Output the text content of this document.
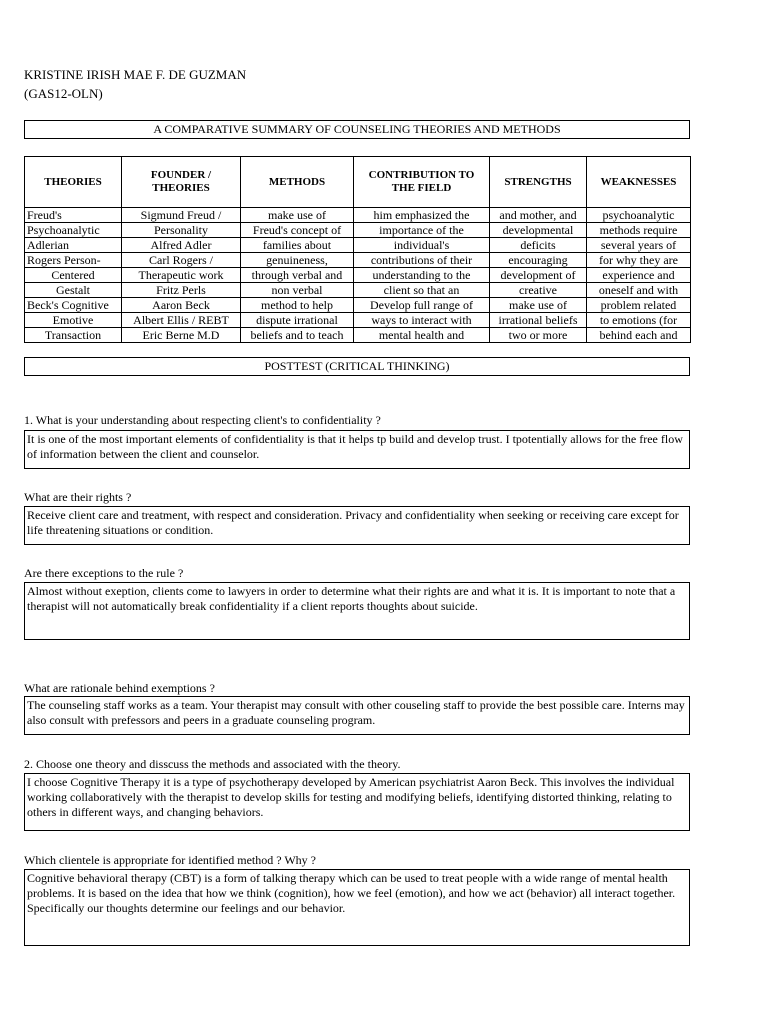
KRISTINE IRISH MAE F. DE GUZMAN
(GAS12-OLN)
A COMPARATIVE SUMMARY OF COUNSELING THEORIES AND METHODS
THEORIES	FOUNDER / THEORIES	METHODS	CONTRIBUTION TO THE FIELD	STRENGTHS	WEAKNESSES
Freud's	Sigmund Freud /	make use of	him emphasized the	and mother, and	psychoanalytic
Psychoanalytic	Personality	Freud's concept of	importance of the	developmental	methods require
Adlerian	Alfred Adler	families about	individual's	deficits	several years of
Rogers Person-	Carl Rogers /	genuineness,	contributions of their	encouraging	for why they are
Centered	Therapeutic work	through verbal and	understanding to the	development of	experience and
Gestalt	Fritz Perls	non verbal	client so that an	creative	oneself and with
Beck's Cognitive	Aaron Beck	method to help	Develop full range of	make use of	problem related
Emotive	Albert Ellis / REBT	dispute irrational	ways to interact with	irrational beliefs	to emotions (for
Transaction	Eric Berne M.D	beliefs and to teach	mental health and	two or more	behind each and
POSTTEST (CRITICAL THINKING)
1. What is your understanding about respecting client's to confidentiality ?
It is one of the most important elements of confidentiality is that it helps tp build and develop trust. I tpotentially allows for the free flow of information between the client and counselor.
What are their rights ?
Receive client care and treatment, with respect and consideration. Privacy and confidentiality when seeking or receiving care except for life threatening situations or condition.
Are there exceptions to the rule ?
Almost without exeption, clients come to lawyers in order to determine what their rights are and what it is. It is important to note that a therapist will not automatically break confidentiality if a client reports thoughts about suicide.
What are rationale behind exemptions ?
The counseling staff works as a team. Your therapist may consult with other couseling staff to provide the best possible care. Interns may also consult with prefessors and peers in a graduate counseling program.
2. Choose one theory and disscuss the methods and associated with the theory.
I choose Cognitive Therapy it is a type of psychotherapy developed by American psychiatrist Aaron Beck. This involves the individual working collaboratively with the therapist to develop skills for testing and modifying beliefs, identifying distorted thinking, relating to others in different ways, and changing behaviors.
Which clientele is appropriate for identified method ? Why ?
Cognitive behavioral therapy (CBT) is a form of talking therapy which can be used to treat people with a wide range of mental health problems. It is based on the idea that how we think (cognition), how we feel (emotion), and how we act (behavior) all interact together. Specifically our thoughts determine our feelings and our behavior.
